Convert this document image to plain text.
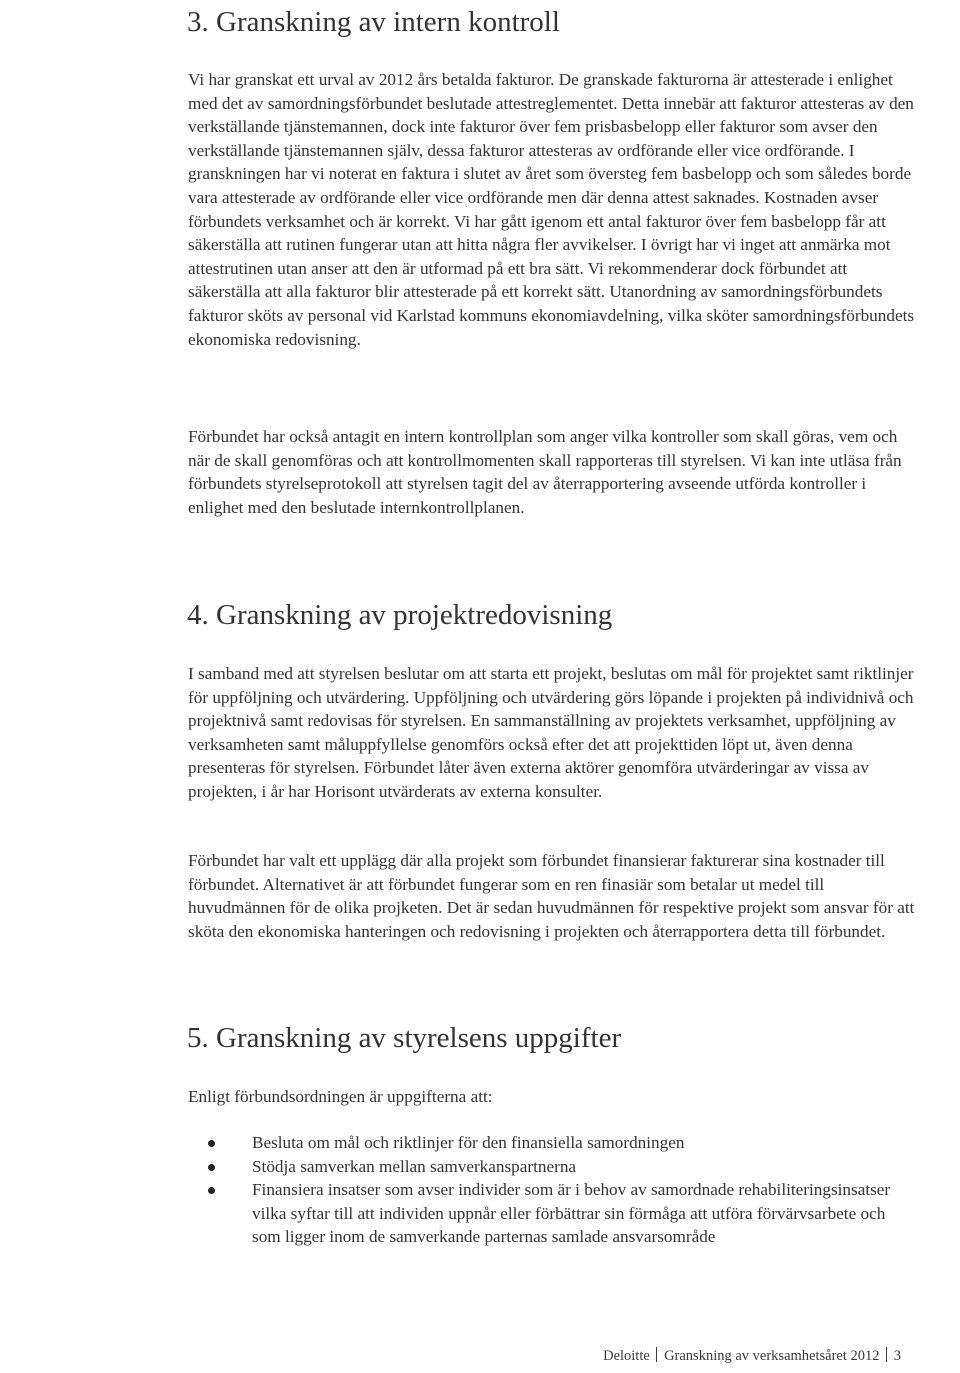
3. Granskning av intern kontroll

Vi har granskat ett urval av 2012 års betalda fakturor. De granskade fakturorna är attesterade i enlighet med det av samordningsförbundet beslutade attestreglementet. Detta innebär att fakturor attesteras av den verkställande tjänstemannen, dock inte fakturor över fem prisbasbelopp eller fakturor som avser den verkställande tjänstemannen själv, dessa fakturor attesteras av ordförande eller vice ordförande. I granskningen har vi noterat en faktura i slutet av året som översteg fem basbelopp och som således borde vara attesterade av ordförande eller vice ordförande men där denna attest saknades. Kostnaden avser förbundets verksamhet och är korrekt. Vi har gått igenom ett antal fakturor över fem basbelopp får att säkerställa att rutinen fungerar utan att hitta några fler avvikelser. I övrigt har vi inget att anmärka mot attestrutinen utan anser att den är utformad på ett bra sätt. Vi rekommenderar dock förbundet att säkerställa att alla fakturor blir attesterade på ett korrekt sätt. Utanordning av samordningsförbundets fakturor sköts av personal vid Karlstad kommuns ekonomiavdelning, vilka sköter samordningsförbundets ekonomiska redovisning.

Förbundet har också antagit en intern kontrollplan som anger vilka kontroller som skall göras, vem och när de skall genomföras och att kontrollmomenten skall rapporteras till styrelsen. Vi kan inte utläsa från förbundets styrelseprotokoll att styrelsen tagit del av återrapportering avseende utförda kontroller i enlighet med den beslutade internkontrollplanen.

4. Granskning av projektredovisning

I samband med att styrelsen beslutar om att starta ett projekt, beslutas om mål för projektet samt riktlinjer för uppföljning och utvärdering. Uppföljning och utvärdering görs löpande i projekten på individnivå och projektnivå samt redovisas för styrelsen. En sammanställning av projektets verksamhet, uppföljning av verksamheten samt måluppfyllelse genomförs också efter det att projekttiden löpt ut, även denna presenteras för styrelsen. Förbundet låter även externa aktörer genomföra utvärderingar av vissa av projekten, i år har Horisont utvärderats av externa konsulter.

Förbundet har valt ett upplägg där alla projekt som förbundet finansierar fakturerar sina kostnader till förbundet. Alternativet är att förbundet fungerar som en ren finasiär som betalar ut medel till huvudmännen för de olika projketen. Det är sedan huvudmännen för respektive projekt som ansvar för att sköta den ekonomiska hanteringen och redovisning i projekten och återrapportera detta till förbundet.

5. Granskning av styrelsens uppgifter

Enligt förbundsordningen är uppgifterna att:

Besluta om mål och riktlinjer för den finansiella samordningen
Stödja samverkan mellan samverkanspartnerna
Finansiera insatser som avser individer som är i behov av samordnade rehabiliteringsinsatser vilka syftar till att individen uppnår eller förbättrar sin förmåga att utföra förvärvsarbete och som ligger inom de samverkande parternas samlade ansvarsområde
Deloitte Granskning av verksamhetsåret 2012 3
